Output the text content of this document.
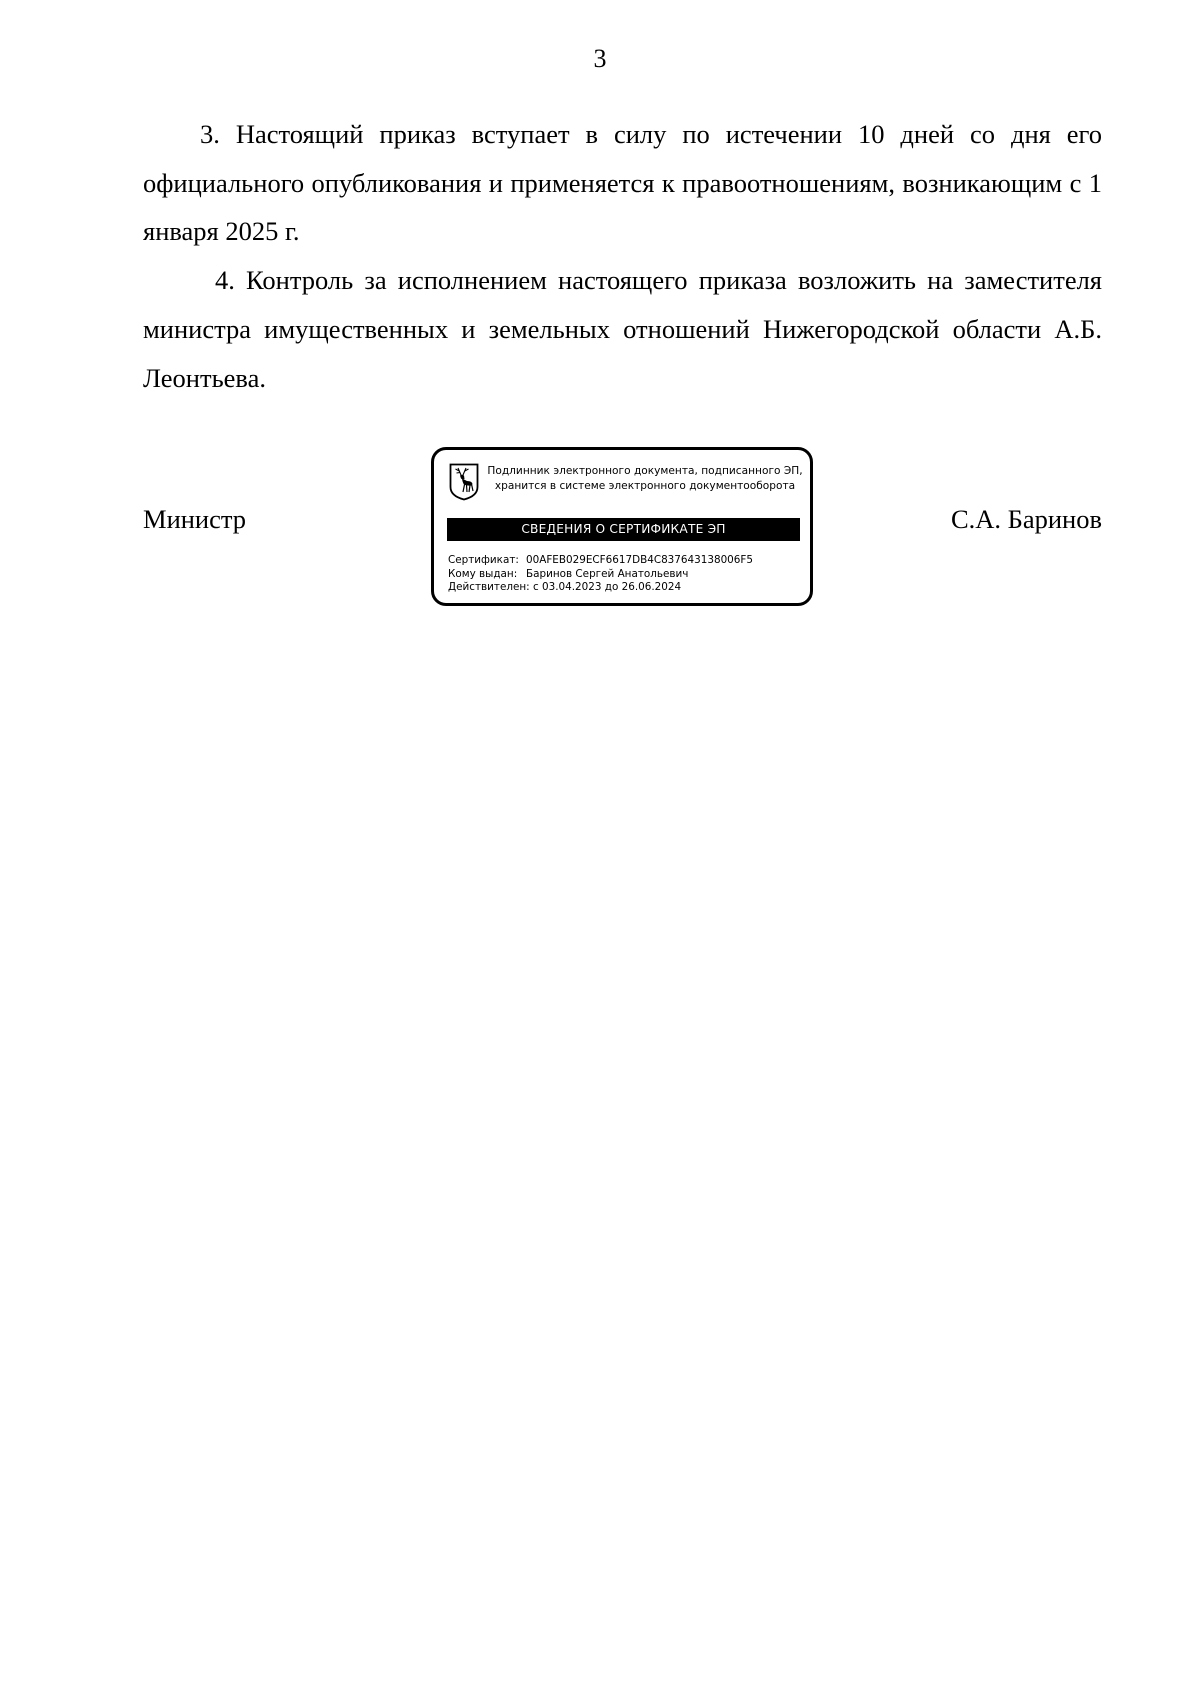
3

3. Настоящий приказ вступает в силу по истечении 10 дней со дня его официального опубликования и применяется к правоотношениям, возникающим с 1 января 2025 г.

4. Контроль за исполнением настоящего приказа возложить на заместителя министра имущественных и земельных отношений Нижегородской области А.Б. Леонтьева.

Министр
Подлинник электронного документа, подписанного ЭП,
хранится в системе электронного документооборота
СВЕДЕНИЯ О СЕРТИФИКАТЕ ЭП
Сертификат: 00AFEB029ECF6617DB4C837643138006F5
Кому выдан: Баринов Сергей Анатольевич
Действителен: с 03.04.2023 до 26.06.2024
С.А. Баринов
